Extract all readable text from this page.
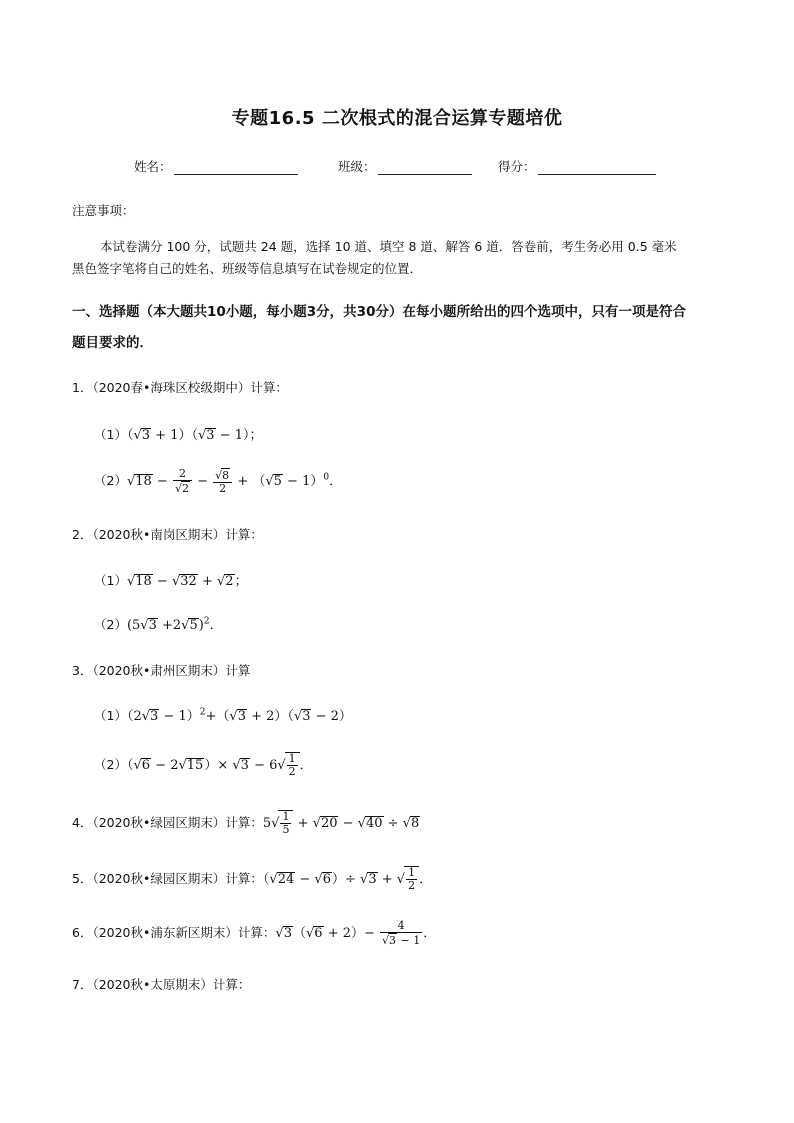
专题16.5 二次根式的混合运算专题培优
姓名：	班级：	得分：
注意事项：
本试卷满分 100 分，试题共 24 题，选择 10 道、填空 8 道、解答 6 道．答卷前，考生务必用 0.5 毫米
黑色签字笔将自己的姓名、班级等信息填写在试卷规定的位置．
一、选择题（本大题共10小题，每小题3分，共30分）在每小题所给出的四个选项中，只有一项是符合
题目要求的．
1．（2020春•海珠区校级期中）计算：
（1）（√3 + 1）（√3 − 1）；
$(2)√18 - \frac{2}{√2} - \frac{√8}{2} + (√5 - 1)^0$．
2．（2020秋•南岗区期末）计算：
（1）√18 − √32 + √2；
$(2)(5√3 +2√5)^2$．
3．（2020秋•肃州区期末）计算
$(1)(2√3 - 1)^2+(√3 + 2)(√3 - 2)$
$(2)(√6 - 2√15)\times √3 - 6√ \frac{1}{2}$ ．
4．（2020秋•绿园区期末）计算：$5√ \frac{1}{5} + √20 - √40 \div √8$
5．（2020秋•绿园区期末）计算：（√24 − √6）÷ √3 + √ $\frac{1}{2}$ ．
6．（2020秋•浦东新区期末）计算：$√3(√6 + 2)- \frac{4}{√3 - 1}$ ．
7．（2020秋•太原期末）计算：
